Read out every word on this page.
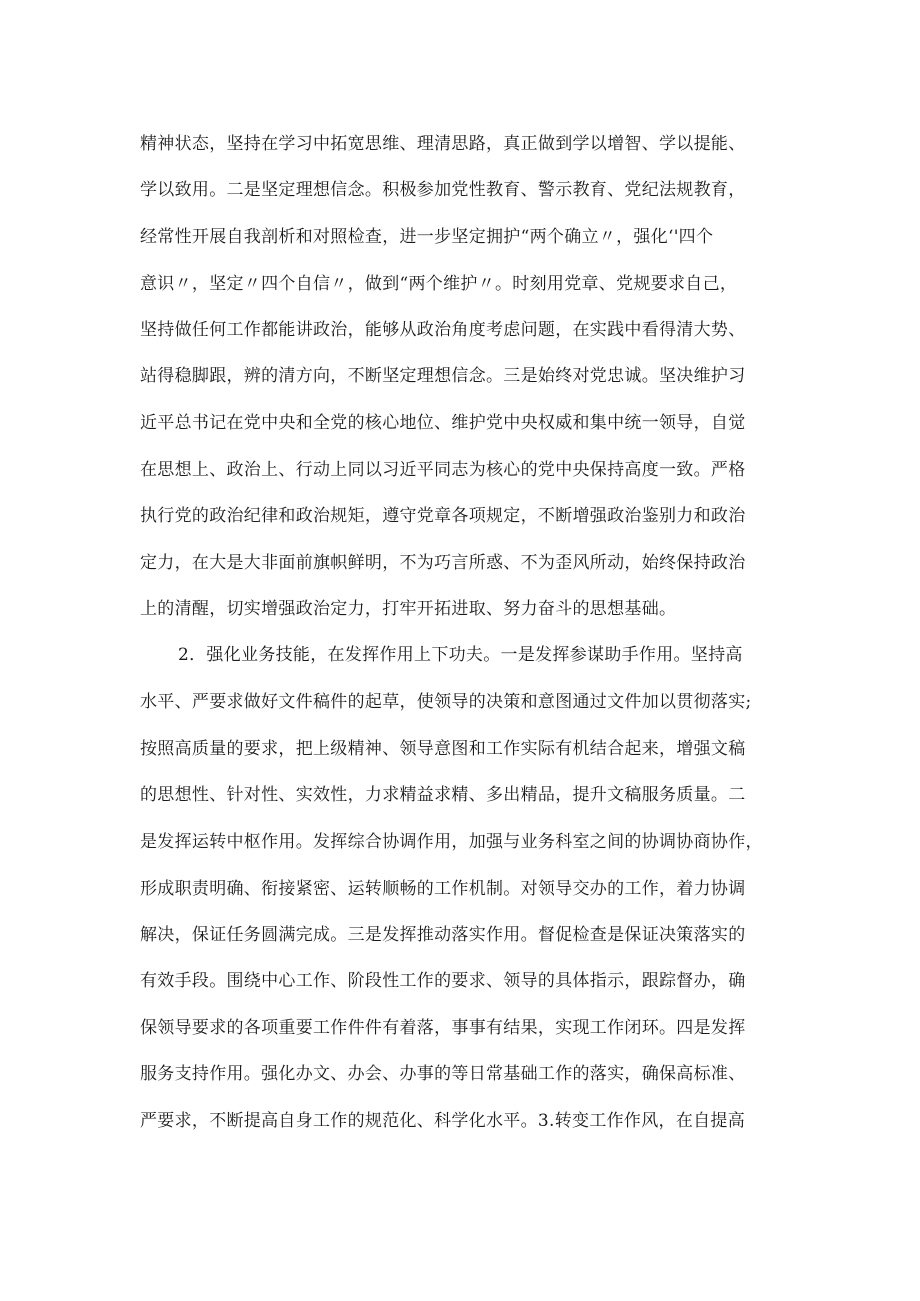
精神状态，坚持在学习中拓宽思维、理清思路，真正做到学以增智、学以提能、
学以致用。二是坚定理想信念。积极参加党性教育、警示教育、党纪法规教育，
经常性开展自我剖析和对照检查，进一步坚定拥护“两个确立〃，强化‘'四个
意识〃，坚定〃四个自信〃，做到“两个维护〃。时刻用党章、党规要求自己，
坚持做任何工作都能讲政治，能够从政治角度考虑问题，在实践中看得清大势、
站得稳脚跟，辨的清方向，不断坚定理想信念。三是始终对党忠诚。坚决维护习
近平总书记在党中央和全党的核心地位、维护党中央权威和集中统一领导，自觉
在思想上、政治上、行动上同以习近平同志为核心的党中央保持高度一致。严格
执行党的政治纪律和政治规矩，遵守党章各项规定，不断增强政治鉴别力和政治
定力，在大是大非面前旗帜鲜明，不为巧言所惑、不为歪风所动，始终保持政治
上的清醒，切实增强政治定力，打牢开拓进取、努力奋斗的思想基础。
2．强化业务技能，在发挥作用上下功夫。一是发挥参谋助手作用。坚持高
水平、严要求做好文件稿件的起草，使领导的决策和意图通过文件加以贯彻落实;
按照高质量的要求，把上级精神、领导意图和工作实际有机结合起来，增强文稿
的思想性、针对性、实效性，力求精益求精、多出精品，提升文稿服务质量。二
是发挥运转中枢作用。发挥综合协调作用，加强与业务科室之间的协调协商协作，
形成职责明确、衔接紧密、运转顺畅的工作机制。对领导交办的工作，着力协调
解决，保证任务圆满完成。三是发挥推动落实作用。督促检查是保证决策落实的
有效手段。围绕中心工作、阶段性工作的要求、领导的具体指示，跟踪督办，确
保领导要求的各项重要工作件件有着落，事事有结果，实现工作闭环。四是发挥
服务支持作用。强化办文、办会、办事的等日常基础工作的落实，确保高标准、
严要求，不断提高自身工作的规范化、科学化水平。3.转变工作作风，在自提高
